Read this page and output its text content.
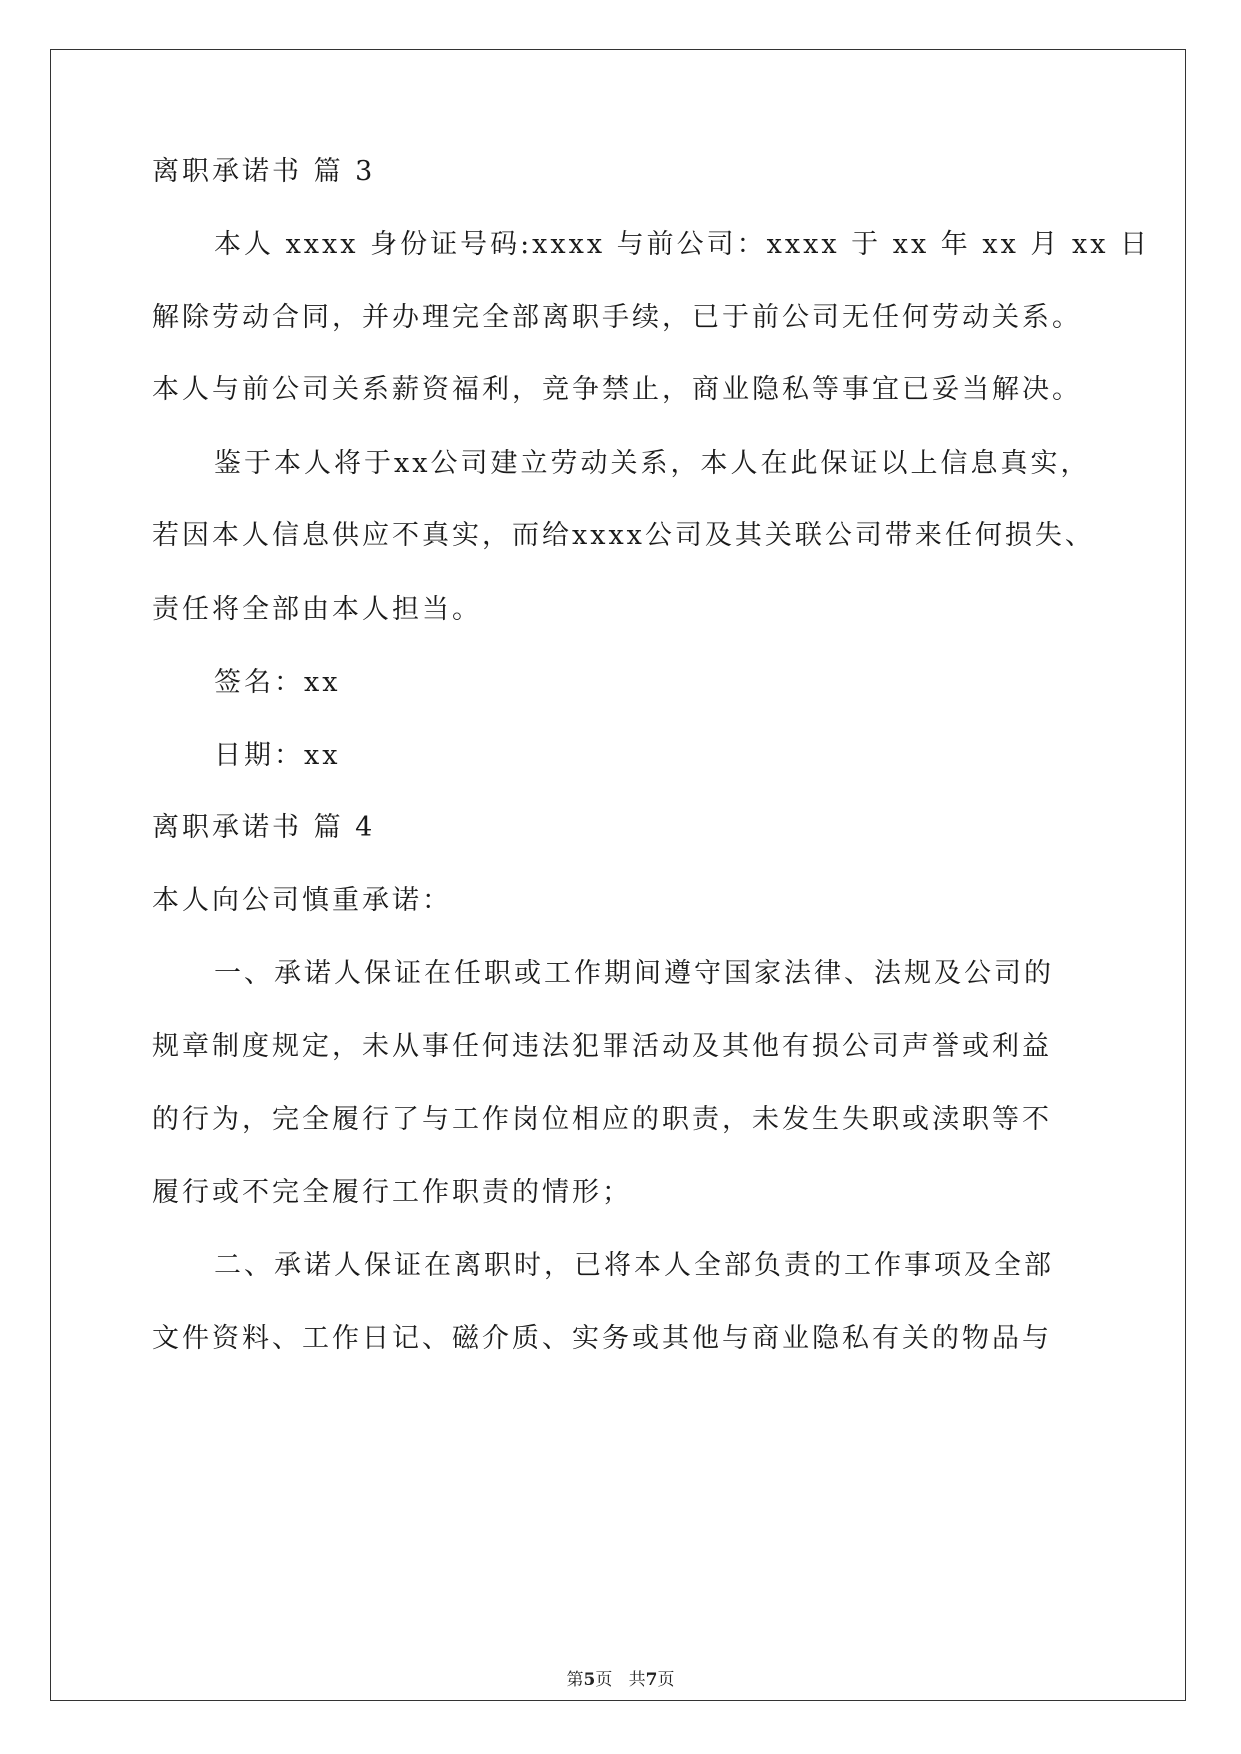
离职承诺书 篇 3
本人 xxxx 身份证号码:xxxx 与前公司：xxxx 于 xx 年 xx 月 xx 日
解除劳动合同，并办理完全部离职手续，已于前公司无任何劳动关系。
本人与前公司关系薪资福利，竞争禁止，商业隐私等事宜已妥当解决。
鉴于本人将于xx公司建立劳动关系，本人在此保证以上信息真实，
若因本人信息供应不真实，而给xxxx公司及其关联公司带来任何损失、
责任将全部由本人担当。
签名：xx
日期：xx
离职承诺书 篇 4
本人向公司慎重承诺：
一、承诺人保证在任职或工作期间遵守国家法律、法规及公司的
规章制度规定，未从事任何违法犯罪活动及其他有损公司声誉或利益
的行为，完全履行了与工作岗位相应的职责，未发生失职或渎职等不
履行或不完全履行工作职责的情形；
二、承诺人保证在离职时，已将本人全部负责的工作事项及全部
文件资料、工作日记、磁介质、实务或其他与商业隐私有关的物品与
第5页 共7页
